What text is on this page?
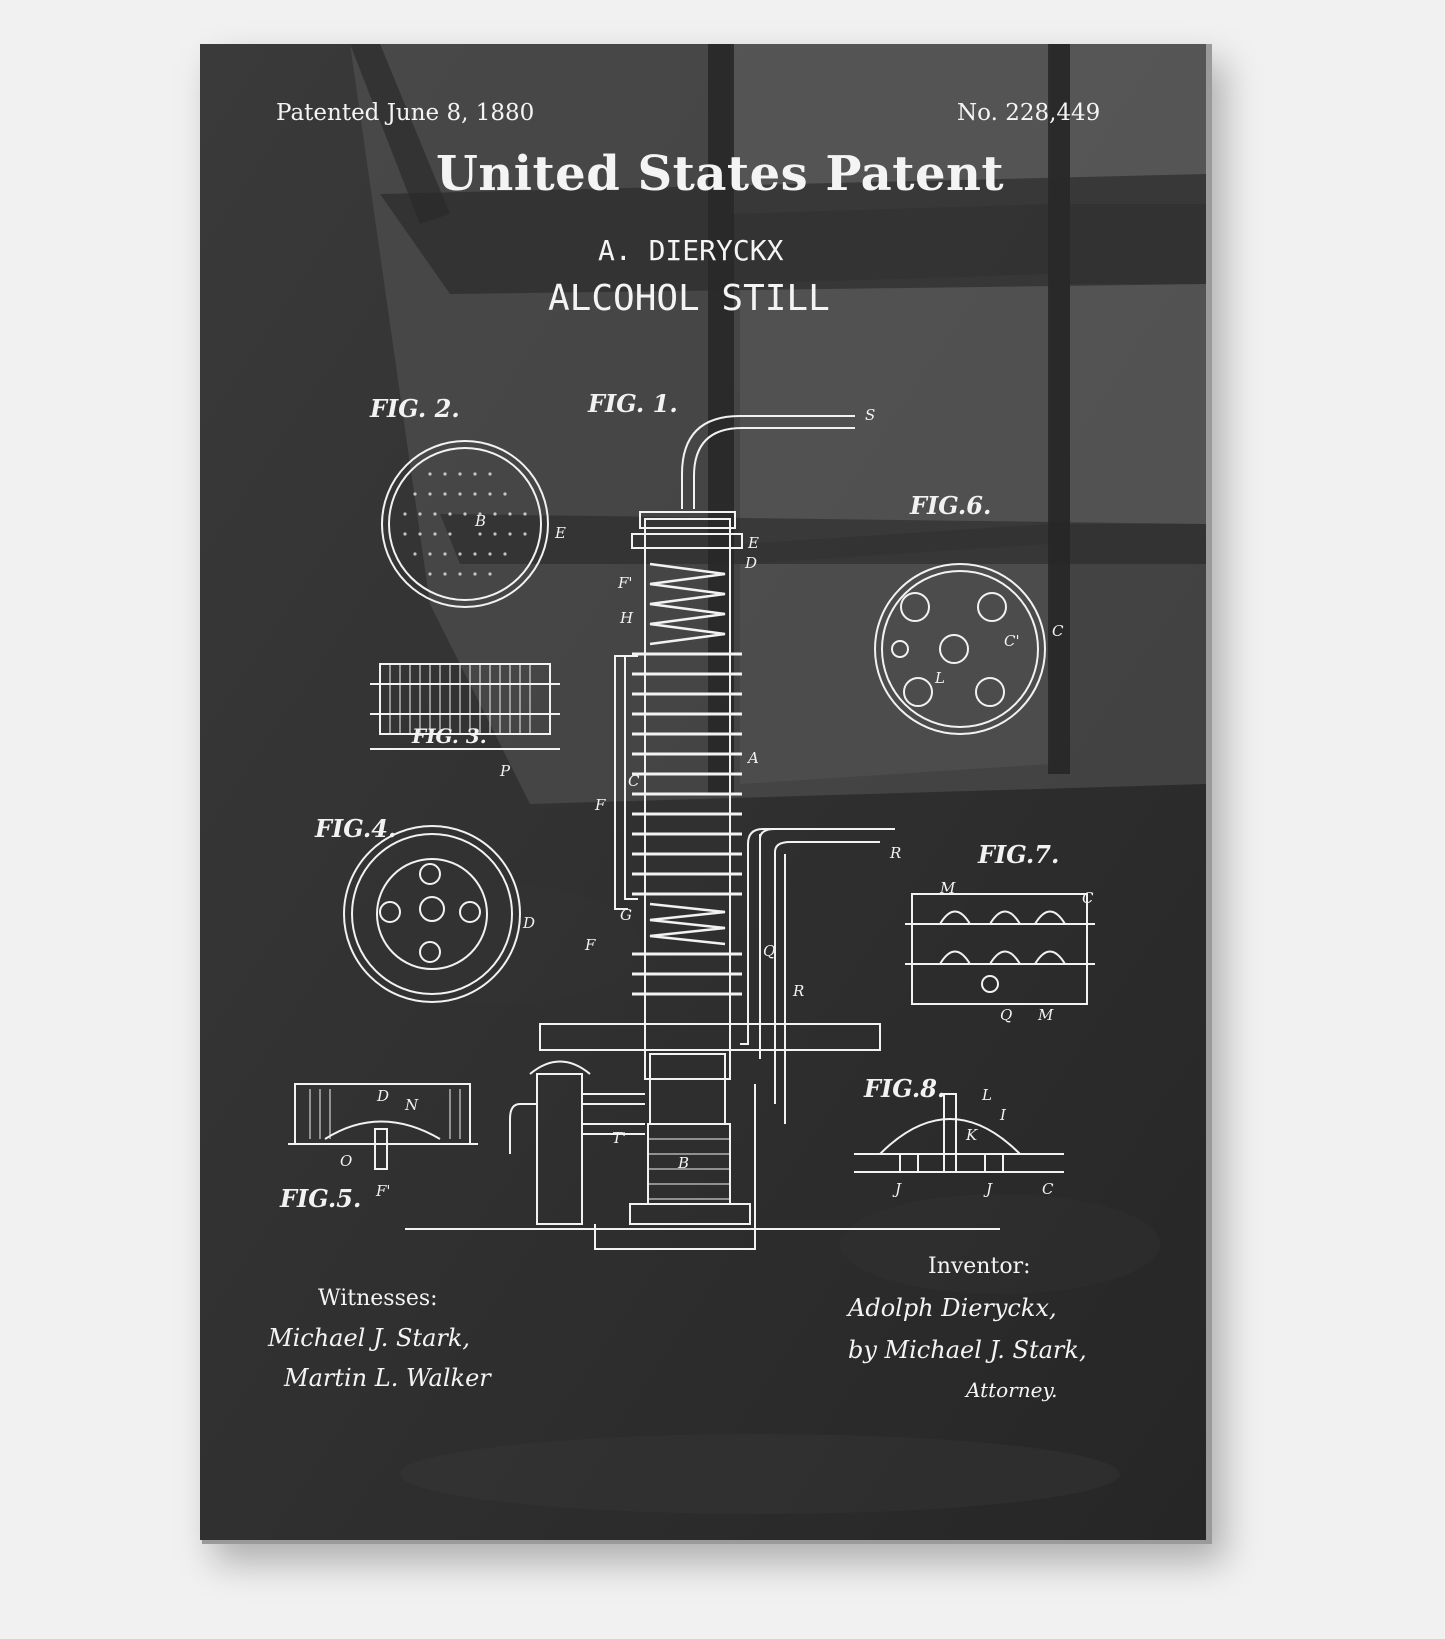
Patented June 8, 1880	No. 228,449
United States Patent
A. DIERYCKX
ALCOHOL STILL
FIG. 2.	FIG. 1.
FIG.6.
FIG. 3.
FIG.4.
FIG.7.
FIG.8.
FIG.5.
S
E
B
E
D
F'
H
A
C
F
G
F
R
Q
R
T'
B
P
C
C'
L
D
M
C
Q M
L
I
K
J	J	C
D N
O
F'
Witnesses:
Michael J. Stark,
Martin L. Walker
Inventor:
Adolph Dieryckx,
by Michael J. Stark,
Attorney.
